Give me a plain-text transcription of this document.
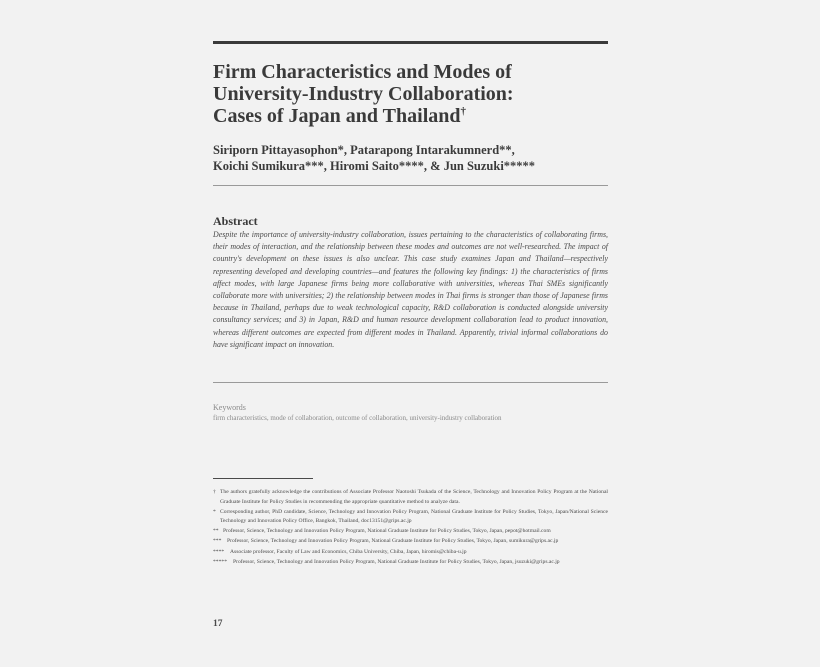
Firm Characteristics and Modes of
University-Industry Collaboration:
Cases of Japan and Thailand†

Siriporn Pittayasophon*, Patarapong Intarakumnerd**,
Koichi Sumikura***, Hiromi Saito****, & Jun Suzuki*****

Abstract

Despite the importance of university-industry collaboration, issues pertaining to the characteristics of collaborating firms, their modes of interaction, and the relationship between these modes and outcomes are not well-researched. The impact of country's development on these issues is also unclear. This case study examines Japan and Thailand—respectively representing developed and developing countries—and features the following key findings: 1) the characteristics of firms affect modes, with large Japanese firms being more collaborative with universities, whereas Thai SMEs significantly collaborate more with universities; 2) the relationship between modes in Thai firms is stronger than those of Japanese firms because in Thailand, perhaps due to weak technological capacity, R&D collaboration is conducted alongside university consultancy services; and 3) in Japan, R&D and human resource development collaboration lead to product innovation, whereas different outcomes are expected from different modes in Thailand. Apparently, trivial informal collaborations do have significant impact on innovation.

Keywords
firm characteristics, mode of collaboration, outcome of collaboration, university-industry collaboration
† The authors gratefully acknowledge the contributions of Associate Professor Naotoshi Tsukada of the Science, Technology and Innovation Policy Program at the National Graduate Institute for Policy Studies in recommending the appropriate quantitative method to analyze data.
* Corresponding author, PhD candidate, Science, Technology and Innovation Policy Program, National Graduate Institute for Policy Studies, Tokyo, Japan/National Science Technology and Innovation Policy Office, Bangkok, Thailand, doc13151@grips.ac.jp
** Professor, Science, Technology and Innovation Policy Program, National Graduate Institute for Policy Studies, Tokyo, Japan, pepot@hotmail.com
***	Professor, Science, Technology and Innovation Policy Program, National Graduate Institute for Policy Studies, Tokyo, Japan, sumikura@grips.ac.jp
****	Associate professor, Faculty of Law and Economics, Chiba University, Chiba, Japan, hiromis@chiba-u.jp
*****	Professor, Science, Technology and Innovation Policy Program, National Graduate Institute for Policy Studies, Tokyo, Japan, jsuzuki@grips.ac.jp
17
